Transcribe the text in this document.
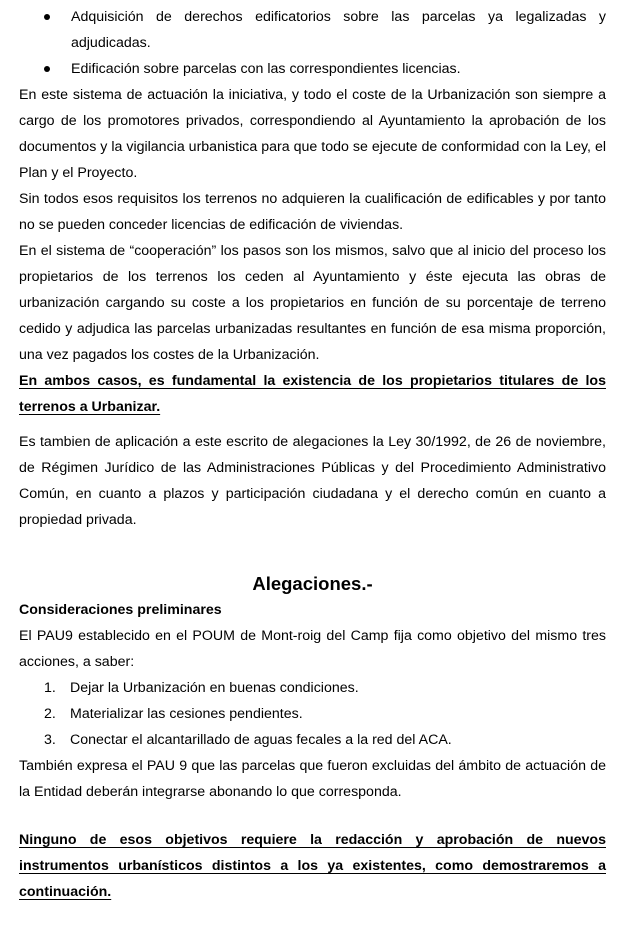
Adquisición de derechos edificatorios sobre las parcelas ya legalizadas y adjudicadas.
Edificación sobre parcelas con las correspondientes licencias.

En este sistema de actuación la iniciativa, y todo el coste de la Urbanización son siempre a cargo de los promotores privados, correspondiendo al Ayuntamiento la aprobación de los documentos y la vigilancia urbanistica para que todo se ejecute de conformidad con la Ley, el Plan y el Proyecto.

Sin todos esos requisitos los terrenos no adquieren la cualificación de edificables y por tanto no se pueden conceder licencias de edificación de viviendas.

En el sistema de “cooperación” los pasos son los mismos, salvo que al inicio del proceso los propietarios de los terrenos los ceden al Ayuntamiento y éste ejecuta las obras de urbanización cargando su coste a los propietarios en función de su porcentaje de terreno cedido y adjudica las parcelas urbanizadas resultantes en función de esa misma proporción, una vez pagados los costes de la Urbanización.

En ambos casos, es fundamental la existencia de los propietarios titulares de los terrenos a Urbanizar.

Es tambien de aplicación a este escrito de alegaciones la Ley 30/1992, de 26 de noviembre, de Régimen Jurídico de las Administraciones Públicas y del Procedimiento Administrativo Común, en cuanto a plazos y participación ciudadana y el derecho común en cuanto a propiedad privada.

Alegaciones.-

Consideraciones preliminares

El PAU9 establecido en el POUM de Mont-roig del Camp fija como objetivo del mismo tres acciones, a saber:

1. Dejar la Urbanización en buenas condiciones.
2. Materializar las cesiones pendientes.
3. Conectar el alcantarillado de aguas fecales a la red del ACA.

También expresa el PAU 9 que las parcelas que fueron excluidas del ámbito de actuación de la Entidad deberán integrarse abonando lo que corresponda.

Ninguno de esos objetivos requiere la redacción y aprobación de nuevos instrumentos urbanísticos distintos a los ya existentes, como demostraremos a continuación.
